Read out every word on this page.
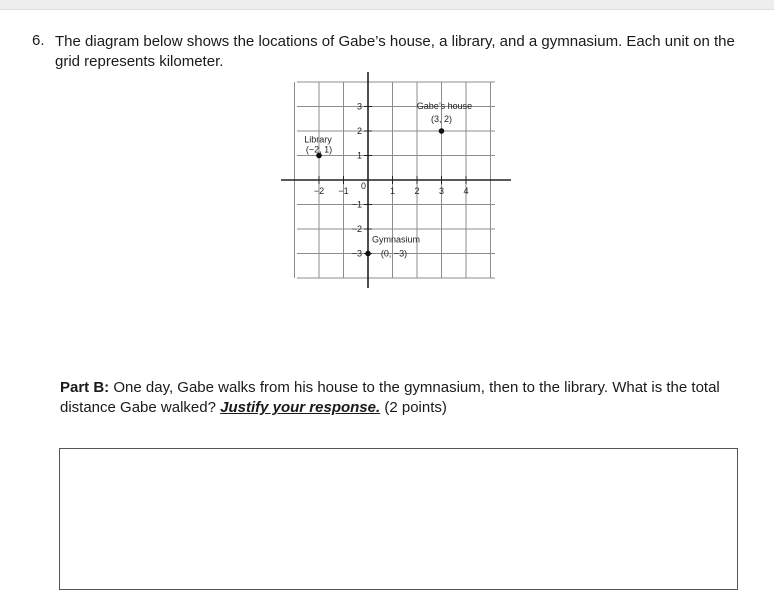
6. The diagram below shows the locations of Gabe’s house, a library, and a gymnasium. Each unit on the grid represents kilometer.
−2 −1 0	1 2 3 4
3
2
1
−1
−2
−3
Gabe’s house
(3, 2)
Library
(−2, 1)
Gymnasium
(0, −3)
Part B: One day, Gabe walks from his house to the gymnasium, then to the library. What is the total distance Gabe walked? Justify your response. (2 points)
